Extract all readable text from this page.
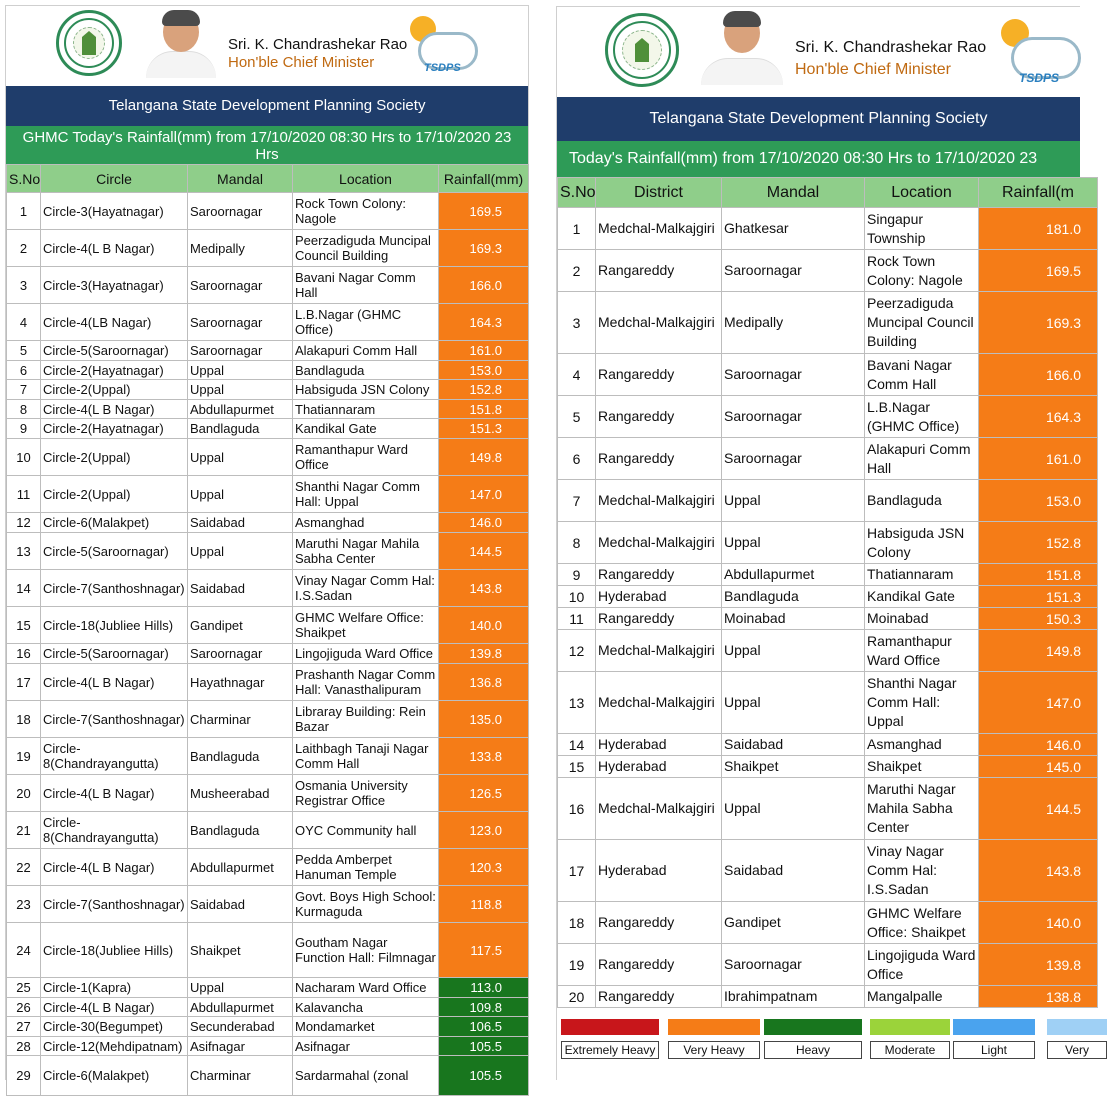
Sri. K. Chandrashekar Rao
Hon'ble Chief Minister	TSDPS
Telangana State Development Planning Society
GHMC Today's Rainfall(mm) from 17/10/2020 08:30 Hrs to 17/10/2020 23 Hrs
S.No	Circle	Mandal	Location	Rainfall(mm)
1	Circle-3(Hayatnagar)	Saroornagar	Rock Town Colony: Nagole	169.5
2	Circle-4(L B Nagar)	Medipally	Peerzadiguda Muncipal Council Building	169.3
3	Circle-3(Hayatnagar)	Saroornagar	Bavani Nagar Comm Hall	166.0
4	Circle-4(LB Nagar)	Saroornagar	L.B.Nagar (GHMC Office)	164.3
5	Circle-5(Saroornagar)	Saroornagar	Alakapuri Comm Hall	161.0
6	Circle-2(Hayatnagar)	Uppal	Bandlaguda	153.0
7	Circle-2(Uppal)	Uppal	Habsiguda JSN Colony	152.8
8	Circle-4(L B Nagar)	Abdullapurmet	Thatiannaram	151.8
9	Circle-2(Hayatnagar)	Bandlaguda	Kandikal Gate	151.3
10	Circle-2(Uppal)	Uppal	Ramanthapur Ward Office	149.8
11	Circle-2(Uppal)	Uppal	Shanthi Nagar Comm Hall: Uppal	147.0
12	Circle-6(Malakpet)	Saidabad	Asmanghad	146.0
13	Circle-5(Saroornagar)	Uppal	Maruthi Nagar Mahila Sabha Center	144.5
14	Circle-7(Santhoshnagar)	Saidabad	Vinay Nagar Comm Hal: I.S.Sadan	143.8
15	Circle-18(Jubliee Hills)	Gandipet	GHMC Welfare Office: Shaikpet	140.0
16	Circle-5(Saroornagar)	Saroornagar	Lingojiguda Ward Office	139.8
17	Circle-4(L B Nagar)	Hayathnagar	Prashanth Nagar Comm Hall: Vanasthalipuram	136.8
18	Circle-7(Santhoshnagar)	Charminar	Libraray Building: Rein Bazar	135.0
19	Circle-8(Chandrayangutta)	Bandlaguda	Laithbagh Tanaji Nagar Comm Hall	133.8
20	Circle-4(L B Nagar)	Musheerabad	Osmania University Registrar Office	126.5
21	Circle-8(Chandrayangutta)	Bandlaguda	OYC Community hall	123.0
22	Circle-4(L B Nagar)	Abdullapurmet	Pedda Amberpet Hanuman Temple	120.3
23	Circle-7(Santhoshnagar)	Saidabad	Govt. Boys High School: Kurmaguda	118.8
24	Circle-18(Jubliee Hills)	Shaikpet	Goutham Nagar Function Hall: Filmnagar	117.5
25	Circle-1(Kapra)	Uppal	Nacharam Ward Office	113.0
26	Circle-4(L B Nagar)	Abdullapurmet	Kalavancha	109.8
27	Circle-30(Begumpet)	Secunderabad	Mondamarket	106.5
28	Circle-12(Mehdipatnam)	Asifnagar	Asifnagar	105.5
29	Circle-6(Malakpet)	Charminar	Sardarmahal (zonal	105.5
Sri. K. Chandrashekar Rao
Hon'ble Chief Minister	TSDPS
Telangana State Development Planning Society
Today's Rainfall(mm) from 17/10/2020 08:30 Hrs to 17/10/2020 23
S.No	District	Mandal	Location	Rainfall(m
1	Medchal-Malkajgiri	Ghatkesar	Singapur Township	181.0
2	Rangareddy	Saroornagar	Rock Town Colony: Nagole	169.5
3	Medchal-Malkajgiri	Medipally	Peerzadiguda Muncipal Council Building	169.3
4	Rangareddy	Saroornagar	Bavani Nagar Comm Hall	166.0
5	Rangareddy	Saroornagar	L.B.Nagar (GHMC Office)	164.3
6	Rangareddy	Saroornagar	Alakapuri Comm Hall	161.0
7	Medchal-Malkajgiri	Uppal	Bandlaguda	153.0
8	Medchal-Malkajgiri	Uppal	Habsiguda JSN Colony	152.8
9	Rangareddy	Abdullapurmet	Thatiannaram	151.8
10	Hyderabad	Bandlaguda	Kandikal Gate	151.3
11	Rangareddy	Moinabad	Moinabad	150.3
12	Medchal-Malkajgiri	Uppal	Ramanthapur Ward Office	149.8
13	Medchal-Malkajgiri	Uppal	Shanthi Nagar Comm Hall: Uppal	147.0
14	Hyderabad	Saidabad	Asmanghad	146.0
15	Hyderabad	Shaikpet	Shaikpet	145.0
16	Medchal-Malkajgiri	Uppal	Maruthi Nagar Mahila Sabha Center	144.5
17	Hyderabad	Saidabad	Vinay Nagar Comm Hal: I.S.Sadan	143.8
18	Rangareddy	Gandipet	GHMC Welfare Office: Shaikpet	140.0
19	Rangareddy	Saroornagar	Lingojiguda Ward Office	139.8
20	Rangareddy	Ibrahimpatnam	Mangalpalle	138.8
Extremely Heavy	Very Heavy	Heavy	Moderate	Light	Very
